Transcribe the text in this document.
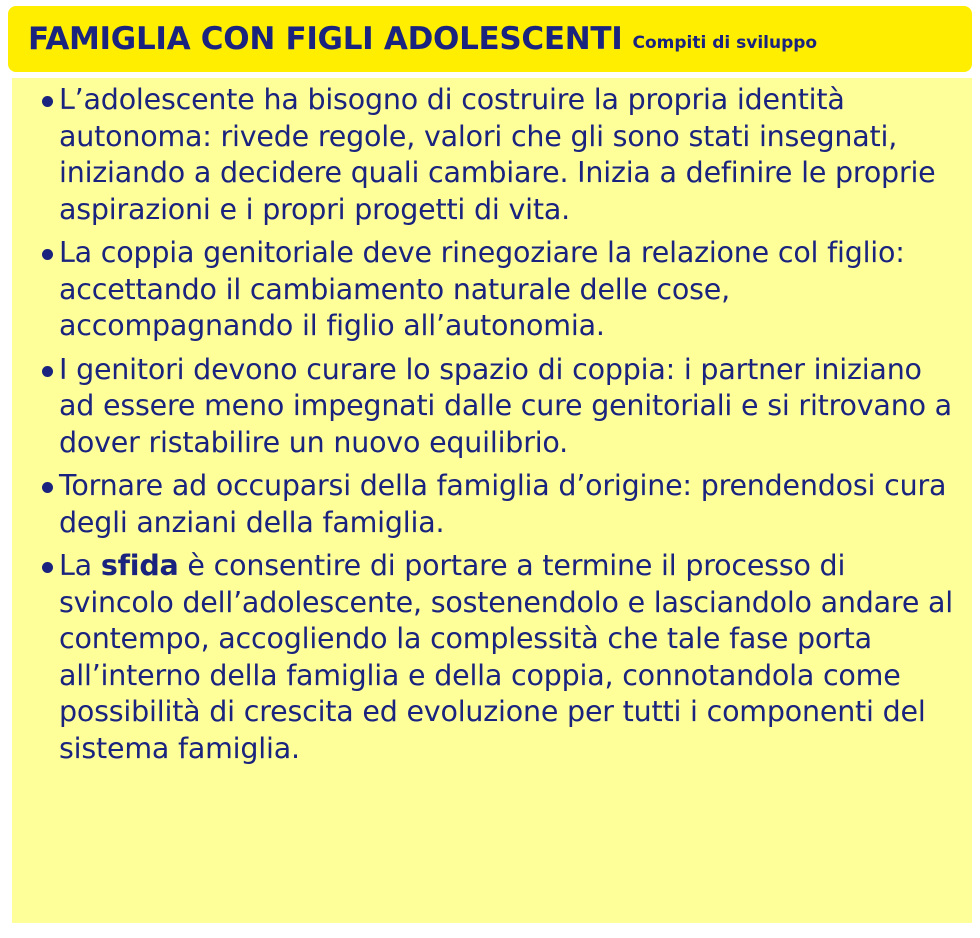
FAMIGLIA CON FIGLI ADOLESCENTI Compiti di sviluppo
L’adolescente ha bisogno di costruire la propria identità autonoma: rivede regole, valori che gli sono stati insegnati, iniziando a decidere quali cambiare. Inizia a definire le proprie aspirazioni e i propri progetti di vita.
La coppia genitoriale deve rinegoziare la relazione col figlio: accettando il cambiamento naturale delle cose, accompagnando il figlio all’autonomia.
I genitori devono curare lo spazio di coppia: i partner iniziano ad essere meno impegnati dalle cure genitoriali e si ritrovano a dover ristabilire un nuovo equilibrio.
Tornare ad occuparsi della famiglia d’origine: prendendosi cura degli anziani della famiglia.
La sfida è consentire di portare a termine il processo di svincolo dell’adolescente, sostenendolo e lasciandolo andare al contempo, accogliendo la complessità che tale fase porta all’interno della famiglia e della coppia, connotandola come possibilità di crescita ed evoluzione per tutti i componenti del sistema famiglia.
